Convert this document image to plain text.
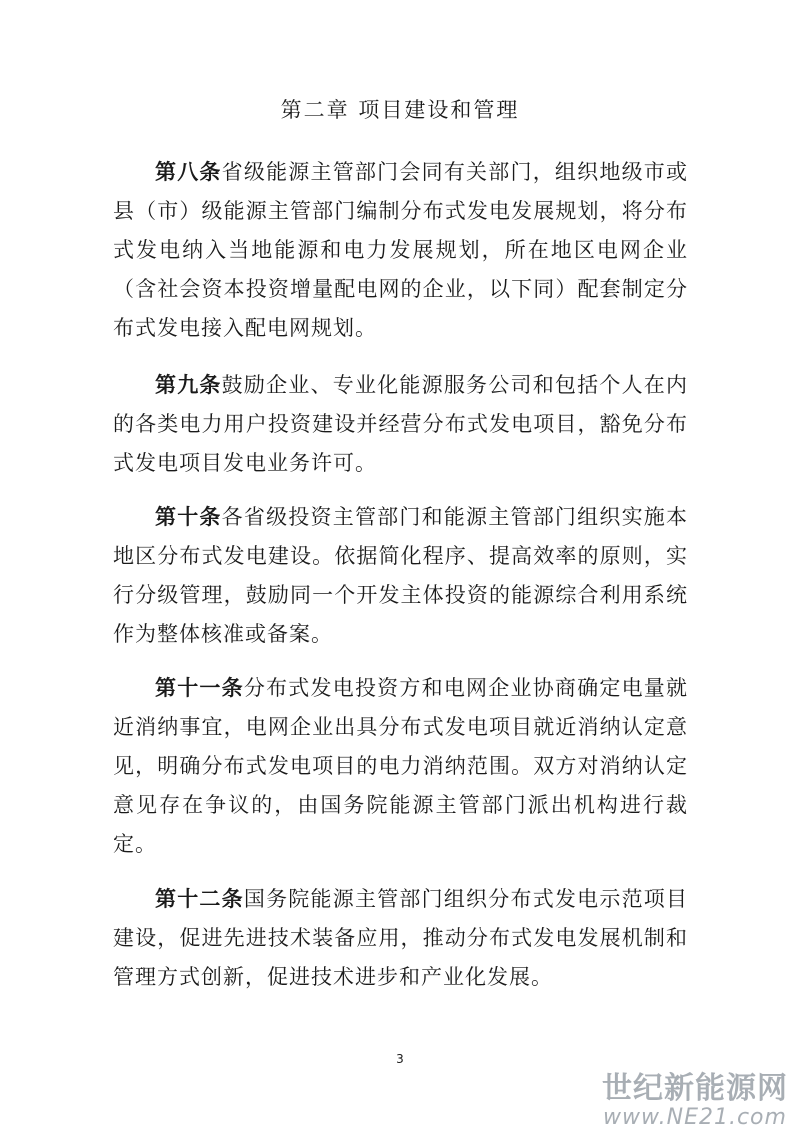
第二章 项目建设和管理

第八条省级能源主管部门会同有关部门，组织地级市或县（市）级能源主管部门编制分布式发电发展规划，将分布式发电纳入当地能源和电力发展规划，所在地区电网企业（含社会资本投资增量配电网的企业，以下同）配套制定分布式发电接入配电网规划。

第九条鼓励企业、专业化能源服务公司和包括个人在内的各类电力用户投资建设并经营分布式发电项目，豁免分布式发电项目发电业务许可。

第十条各省级投资主管部门和能源主管部门组织实施本地区分布式发电建设。依据简化程序、提高效率的原则，实行分级管理，鼓励同一个开发主体投资的能源综合利用系统作为整体核准或备案。

第十一条分布式发电投资方和电网企业协商确定电量就近消纳事宜，电网企业出具分布式发电项目就近消纳认定意见，明确分布式发电项目的电力消纳范围。双方对消纳认定意见存在争议的，由国务院能源主管部门派出机构进行裁定。

第十二条国务院能源主管部门组织分布式发电示范项目建设，促进先进技术装备应用，推动分布式发电发展机制和管理方式创新，促进技术进步和产业化发展。

3
世纪新能源网
www.NE21.com
